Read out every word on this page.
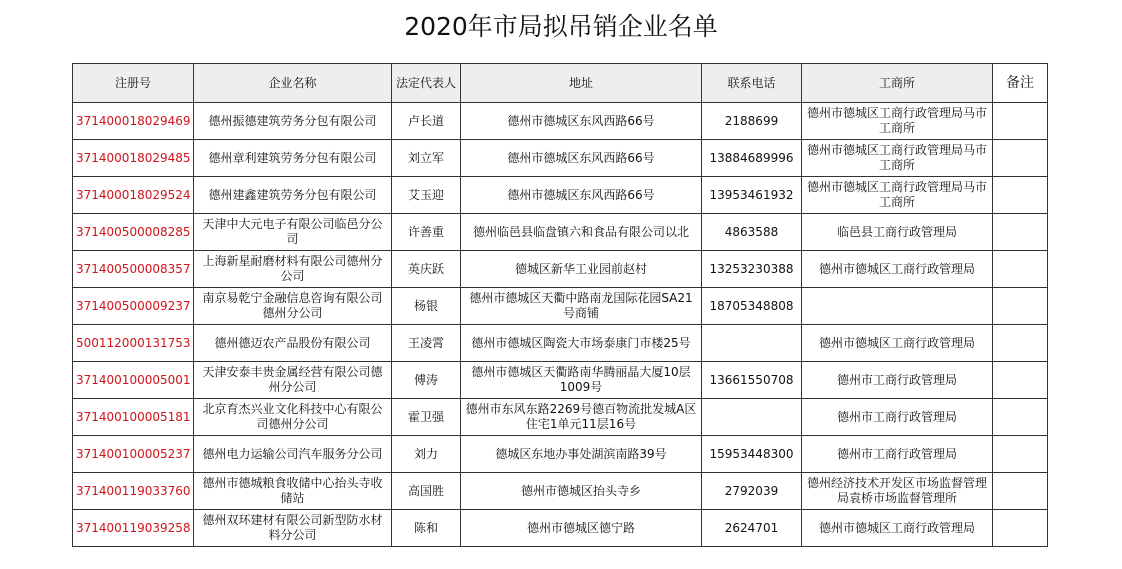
2020年市局拟吊销企业名单
注册号	企业名称	法定代表人	地址	联系电话	工商所	备注
371400018029469	德州振德建筑劳务分包有限公司	卢长道	德州市德城区东风西路66号	2188699	德州市德城区工商行政管理局马市工商所	
371400018029485	德州章利建筑劳务分包有限公司	刘立军	德州市德城区东风西路66号	13884689996	德州市德城区工商行政管理局马市工商所	
371400018029524	德州建鑫建筑劳务分包有限公司	艾玉迎	德州市德城区东风西路66号	13953461932	德州市德城区工商行政管理局马市工商所	
371400500008285	天津中大元电子有限公司临邑分公司	许善重	德州临邑县临盘镇六和食品有限公司以北	4863588	临邑县工商行政管理局	
371400500008357	上海新星耐磨材料有限公司德州分公司	英庆跃	德城区新华工业园前赵村	13253230388	德州市德城区工商行政管理局	
371400500009237	南京易乾宁金融信息咨询有限公司德州分公司	杨银	德州市德城区天衢中路南龙国际花园SA21号商铺	18705348808		
500112000131753	德州德迈农产品股份有限公司	王凌霄	德州市德城区陶瓷大市场泰康门市楼25号		德州市德城区工商行政管理局	
371400100005001	天津安泰丰贵金属经营有限公司德州分公司	傅涛	德州市德城区天衢路南华腾丽晶大厦10层1009号	13661550708	德州市工商行政管理局	
371400100005181	北京育杰兴业文化科技中心有限公司德州分公司	霍卫强	德州市东风东路2269号德百物流批发城A区住宅1单元11层16号		德州市工商行政管理局	
371400100005237	德州电力运输公司汽车服务分公司	刘力	德城区东地办事处湖滨南路39号	15953448300	德州市工商行政管理局	
371400119033760	德州市德城粮食收储中心抬头寺收储站	高国胜	德州市德城区抬头寺乡	2792039	德州经济技术开发区市场监督管理局袁桥市场监督管理所	
371400119039258	德州双环建材有限公司新型防水材料分公司	陈和	德州市德城区德宁路	2624701	德州市德城区工商行政管理局	
